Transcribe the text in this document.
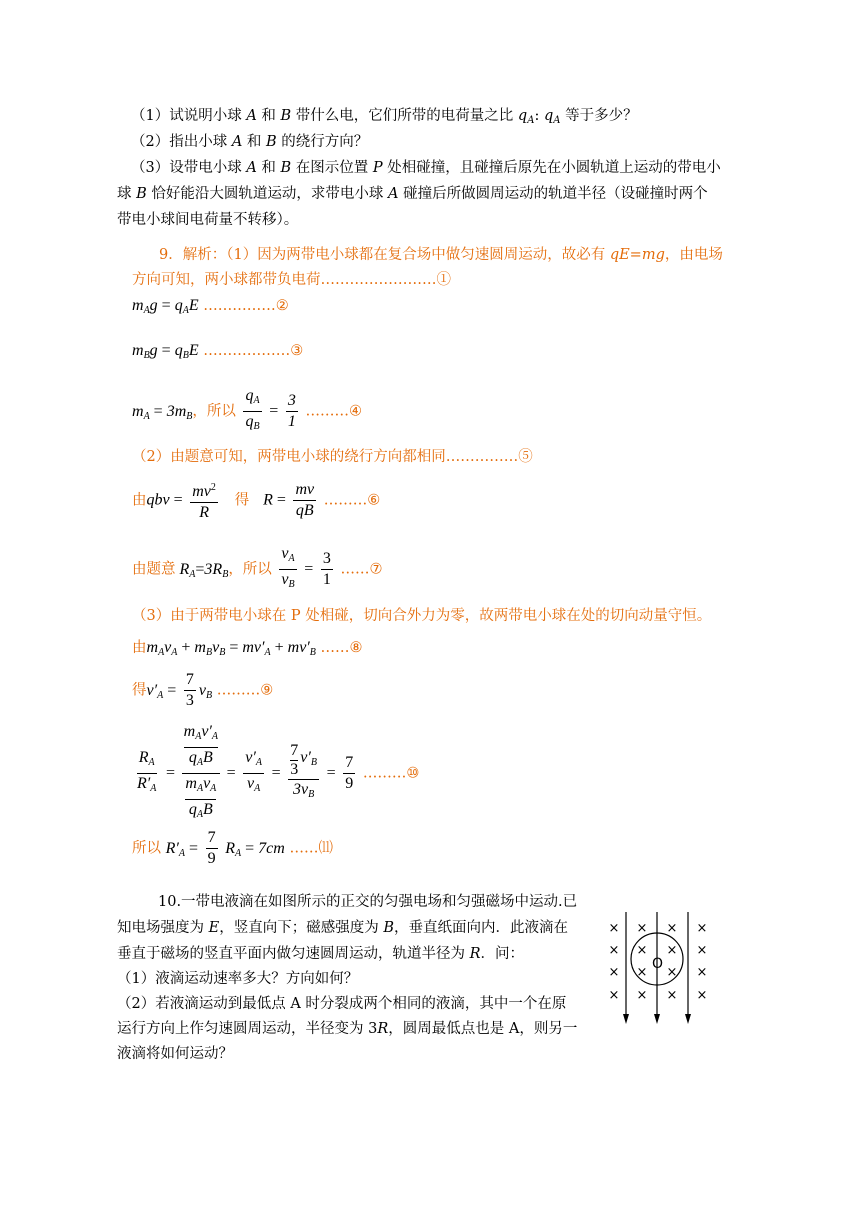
（1）试说明小球 A 和 B 带什么电，它们所带的电荷量之比 $q_A$: $q_A$ 等于多少？
（2）指出小球 A 和 B 的绕行方向？
（3）设带电小球 A 和 B 在图示位置 P 处相碰撞，且碰撞后原先在小圆轨道上运动的带电小
球 B 恰好能沿大圆轨道运动，求带电小球 A 碰撞后所做圆周运动的轨道半径（设碰撞时两个
带电小球间电荷量不转移）。
9．解析：（1）因为两带电小球都在复合场中做匀速圆周运动，故必有 qE=mg，由电场
方向可知，两小球都带负电荷……………………①
$m_Ag = q_AE$ ……………②
$m_Bg = q_BE$ ………………③
$m_A = 3m_B$，所以 $\frac{q_A}{q_B} = \frac{3}{1}$ ………④
（2）由题意可知，两带电小球的绕行方向都相同……………⑤
由qbv = $\frac{mv^2}{R}$ 得 $R = \frac{mv}{qB}$ ………⑥
由题意 $R_A=3R_B$，所以 $\frac{v_A}{v_B} = \frac{3}{1}$ ……⑦
（3）由于两带电小球在 P 处相碰，切向合外力为零，故两带电小球在处的切向动量守恒。
由$m_Av_A + m_Bv_B = mv'_A + mv'_B$ ……⑧
得$v'_A = \frac{7}{3} v_B$ ………⑨
$\frac{R_A}{R'_A} = m_Av'_A$
$q_AB$
$m_Av_A$
$q_AB = \frac{v'_A}{v_A} = 7$
3
$v'_B$
$3v_B = \frac{7}{9}$ ………⑩
所以 $R'_A = \frac{7}{9} R_A = 7cm$ ……⑾
10.一带电液滴在如图所示的正交的匀强电场和匀强磁场中运动.已
知电场强度为 E，竖直向下；磁感强度为 B，垂直纸面向内．此液滴在
垂直于磁场的竖直平面内做匀速圆周运动，轨道半径为 R．问：
（1）液滴运动速率多大？方向如何？
（2）若液滴运动到最低点 A 时分裂成两个相同的液滴，其中一个在原
运行方向上作匀速圆周运动，半径变为 3R，圆周最低点也是 A，则另一
液滴将如何运动？
× × × ×
× × × ×
× × × ×
× × × ×
O
